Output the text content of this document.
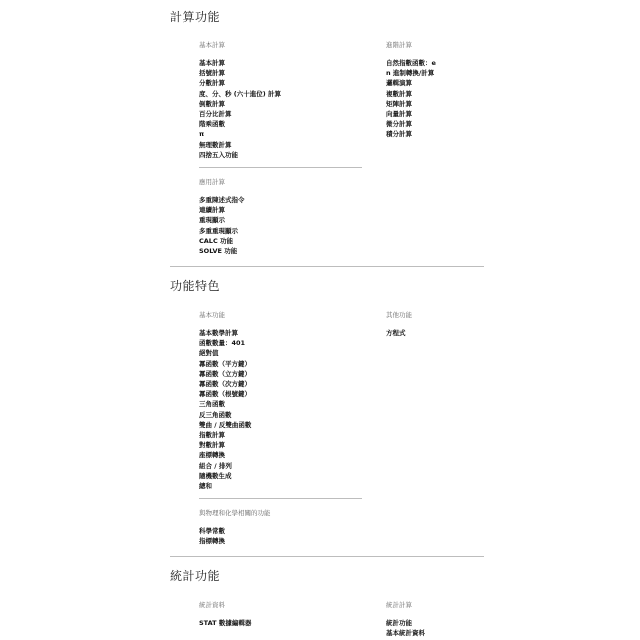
計算功能
基本計算
基本計算
括號計算
分數計算
度、分、秒 (六十進位) 計算
倒數計算
百分比計算
階乘函數
π
無理數計算
四捨五入功能
進階計算
自然指數函數：e
n 進制轉換/計算
邏輯演算
複數計算
矩陣計算
向量計算
微分計算
積分計算
應用計算
多重陳述式指令
連續計算
重現顯示
多重重現顯示
CALC 功能
SOLVE 功能
功能特色
基本功能
基本數學計算
函數數量：401
絕對值
冪函數（平方鍵）
冪函數（立方鍵）
冪函數（次方鍵）
冪函數（根號鍵）
三角函數
反三角函數
雙曲 / 反雙曲函數
指數計算
對數計算
座標轉換
組合 / 排列
隨機數生成
總和
其他功能
方程式
與物理和化學相關的功能
科學常數
指標轉換
統計功能
統計資料
STAT 數據編輯器
統計計算
統計功能
基本統計資料
